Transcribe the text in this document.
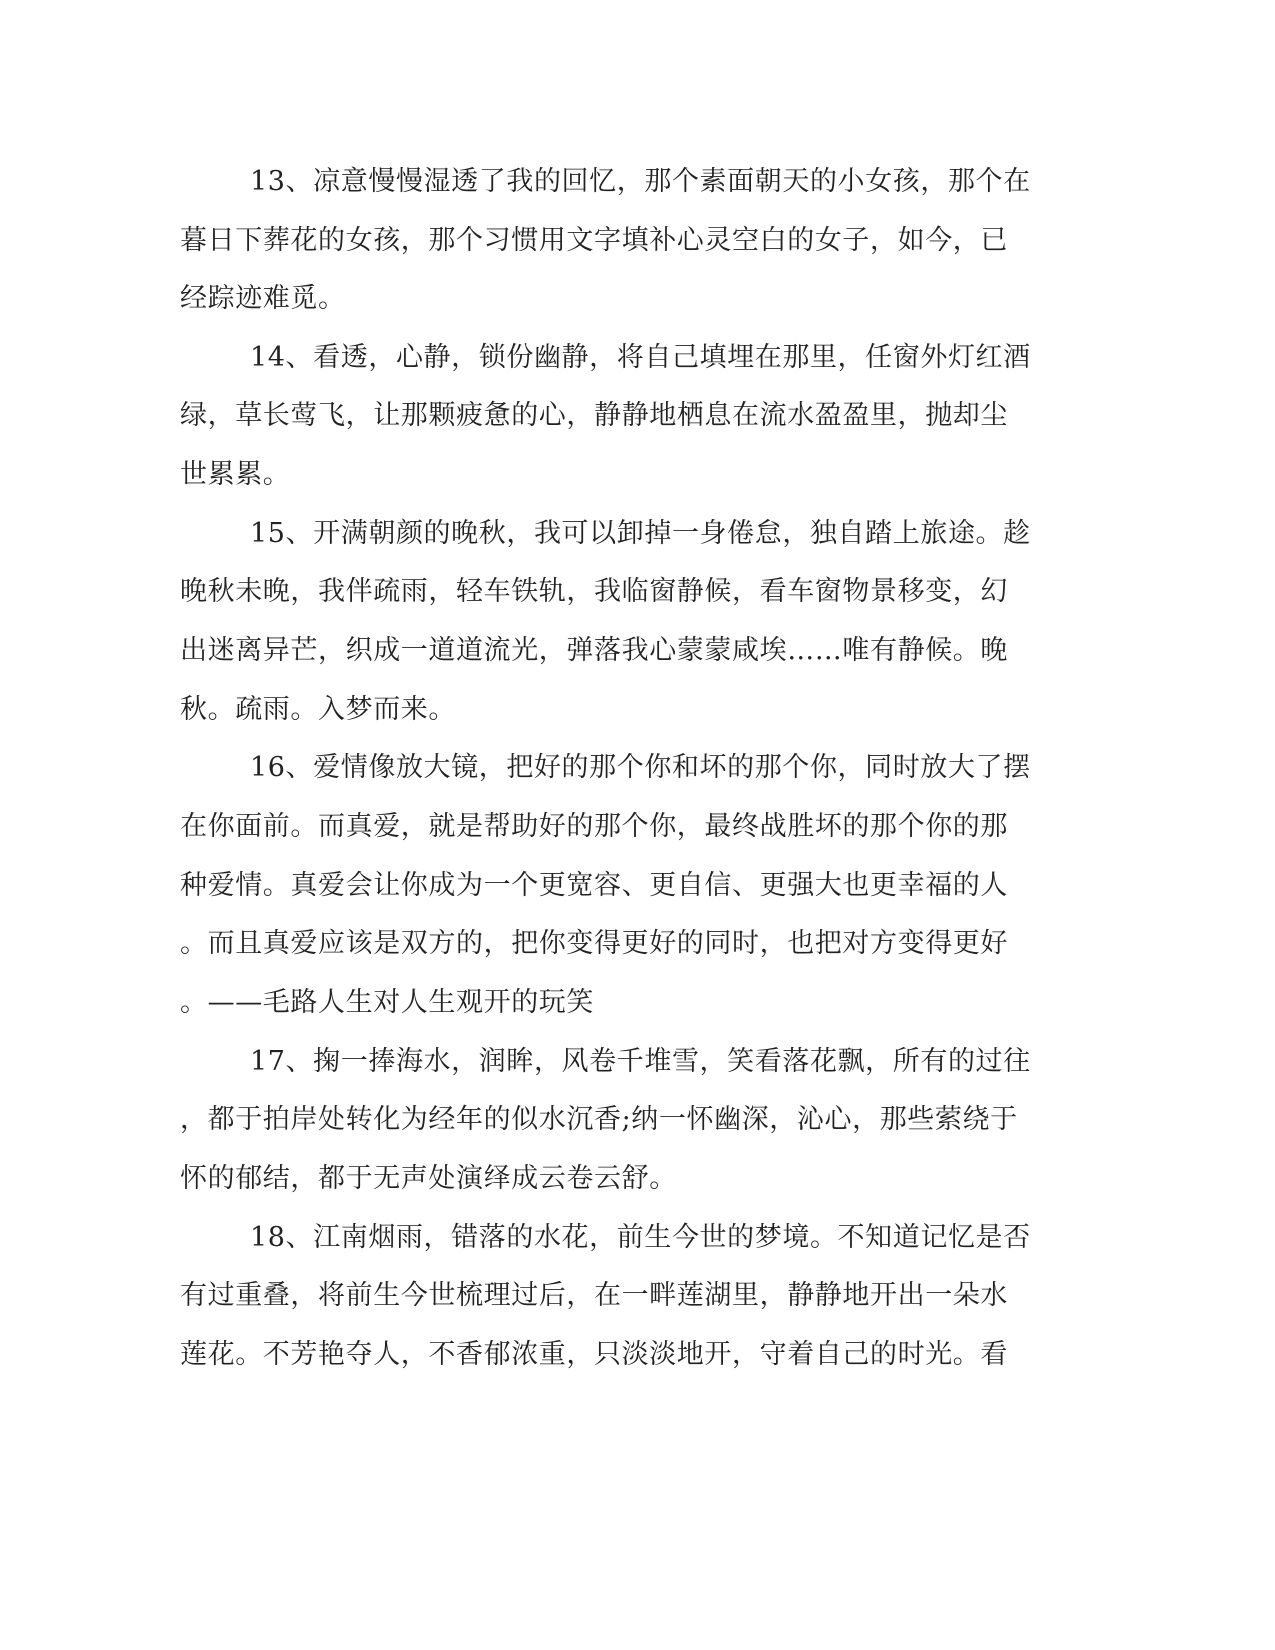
13、凉意慢慢湿透了我的回忆，那个素面朝天的小女孩，那个在
暮日下葬花的女孩，那个习惯用文字填补心灵空白的女子，如今，已
经踪迹难觅。
14、看透，心静，锁份幽静，将自己填埋在那里，任窗外灯红酒
绿，草长莺飞，让那颗疲惫的心，静静地栖息在流水盈盈里，抛却尘
世累累。
15、开满朝颜的晚秋，我可以卸掉一身倦怠，独自踏上旅途。趁
晚秋未晚，我伴疏雨，轻车铁轨，我临窗静候，看车窗物景移变，幻
出迷离异芒，织成一道道流光，弹落我心蒙蒙咸埃……唯有静候。晚
秋。疏雨。入梦而来。
16、爱情像放大镜，把好的那个你和坏的那个你，同时放大了摆
在你面前。而真爱，就是帮助好的那个你，最终战胜坏的那个你的那
种爱情。真爱会让你成为一个更宽容、更自信、更强大也更幸福的人
。而且真爱应该是双方的，把你变得更好的同时，也把对方变得更好
。——毛路人生对人生观开的玩笑
17、掬一捧海水，润眸，风卷千堆雪，笑看落花飘，所有的过往
，都于拍岸处转化为经年的似水沉香;纳一怀幽深，沁心，那些萦绕于
怀的郁结，都于无声处演绎成云卷云舒。
18、江南烟雨，错落的水花，前生今世的梦境。不知道记忆是否
有过重叠，将前生今世梳理过后，在一畔莲湖里，静静地开出一朵水
莲花。不芳艳夺人，不香郁浓重，只淡淡地开，守着自己的时光。看
